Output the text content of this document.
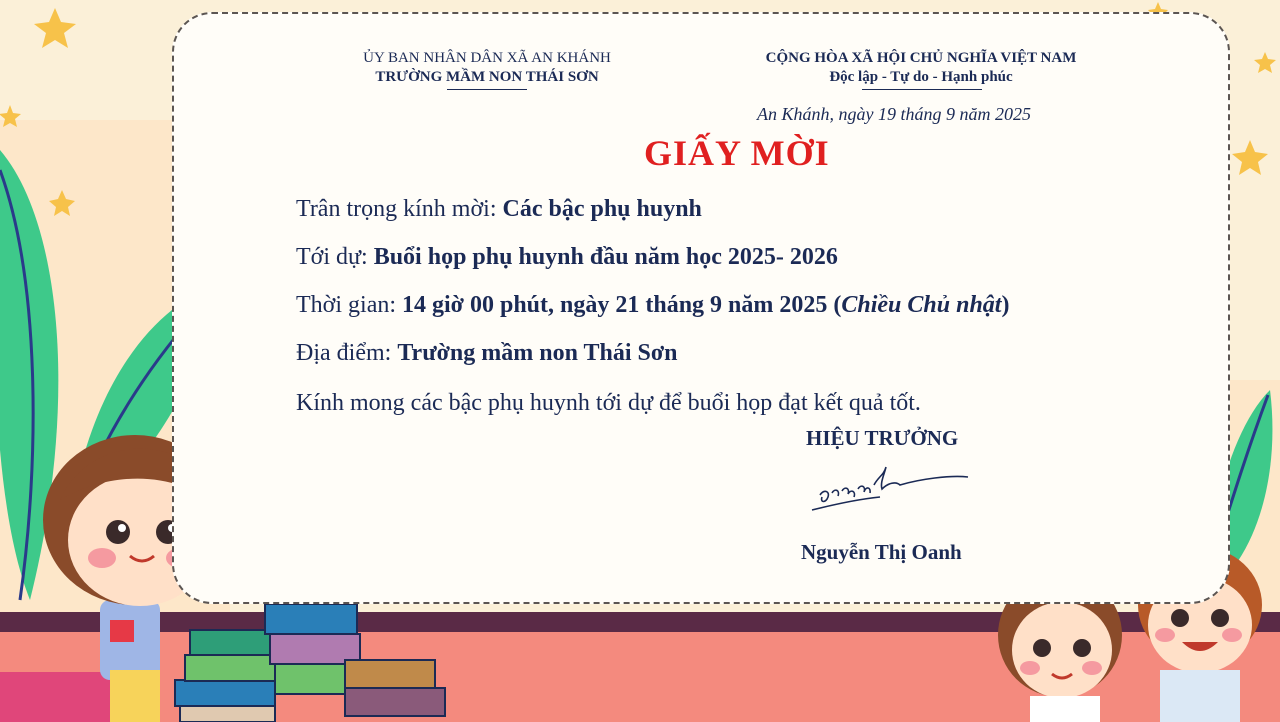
ỦY BAN NHÂN DÂN XÃ AN KHÁNH
TRƯỜNG MẦM NON THÁI SƠN
CỘNG HÒA XÃ HỘI CHỦ NGHĨA VIỆT NAM
Độc lập - Tự do - Hạnh phúc
An Khánh, ngày 19 tháng 9 năm 2025
GIẤY MỜI
Trân trọng kính mời: Các bậc phụ huynh
Tới dự: Buổi họp phụ huynh đầu năm học 2025- 2026
Thời gian: 14 giờ 00 phút, ngày 21 tháng 9 năm 2025 (Chiều Chủ nhật)
Địa điểm: Trường mầm non Thái Sơn
Kính mong các bậc phụ huynh tới dự để buổi họp đạt kết quả tốt.
HIỆU TRƯỞNG
Nguyễn Thị Oanh
